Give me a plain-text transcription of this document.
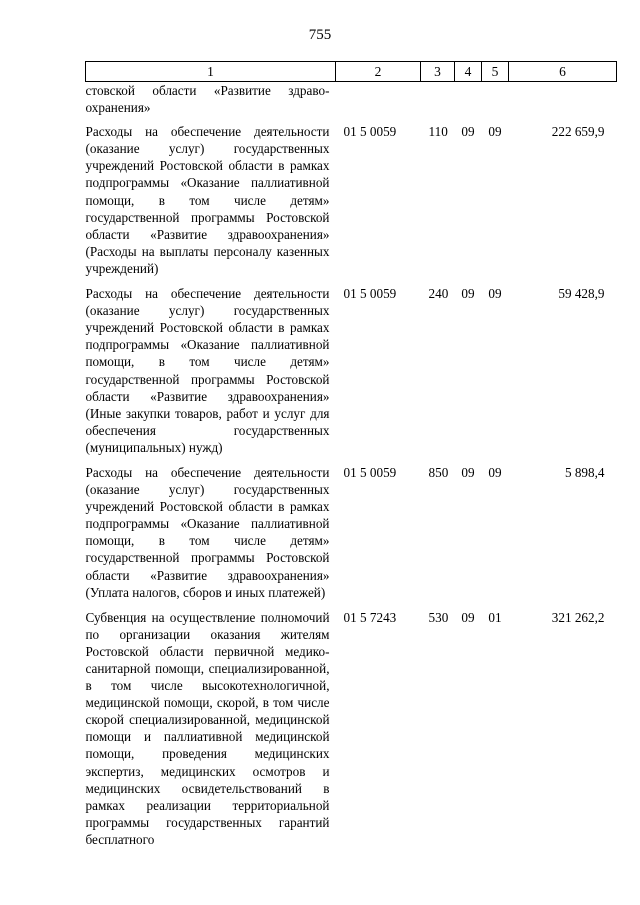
755
1	2	3	4	5	6
стовской области «Развитие здраво-охранения»					
Расходы на обеспечение деятельности (оказание услуг) государственных учреждений Ростовской области в рамках подпрограммы «Оказание паллиативной помощи, в том числе детям» государственной программы Ростовской области «Развитие здравоохранения» (Расходы на выплаты персоналу казенных учреждений)	01 5 0059	110	09	09	222 659,9
Расходы на обеспечение деятельности (оказание услуг) государственных учреждений Ростовской области в рамках подпрограммы «Оказание паллиативной помощи, в том числе детям» государственной программы Ростовской области «Развитие здравоохранения» (Иные закупки товаров, работ и услуг для обеспечения государственных (муниципальных) нужд)	01 5 0059	240	09	09	59 428,9
Расходы на обеспечение деятельности (оказание услуг) государственных учреждений Ростовской области в рамках подпрограммы «Оказание паллиативной помощи, в том числе детям» государственной программы Ростовской области «Развитие здравоохранения» (Уплата налогов, сборов и иных платежей)	01 5 0059	850	09	09	5 898,4
Субвенция на осуществление полномочий по организации оказания жителям Ростовской области первичной медико-санитарной помощи, специализированной, в том числе высокотехнологичной, медицинской помощи, скорой, в том числе скорой специализированной, медицинской помощи и паллиативной медицинской помощи, проведения медицинских экспертиз, медицинских осмотров и медицинских освидетельствований в рамках реализации территориальной программы государственных гарантий бесплатного	01 5 7243	530	09	01	321 262,2
